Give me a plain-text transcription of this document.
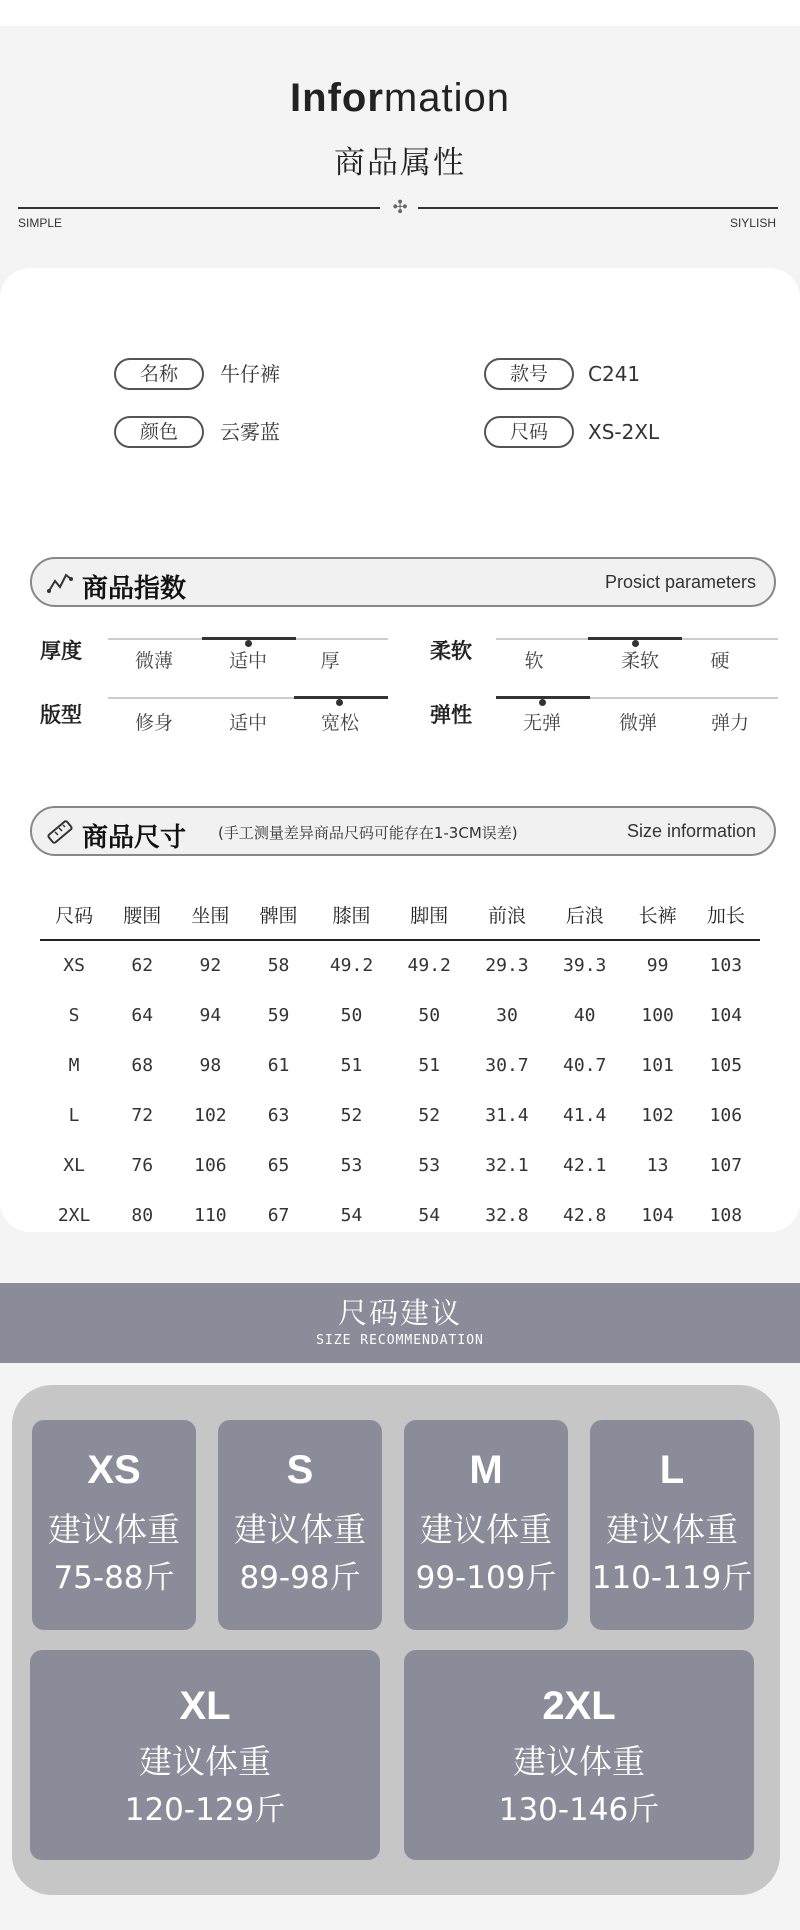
Information
商品属性
✣
SIMPLE	SIYLISH
名称	牛仔裤	款号	C241
颜色	云雾蓝	尺码	XS-2XL
商品指数	Prosict parameters
厚度	微薄	适中	厚	柔软	软	柔软	硬
版型	修身	适中	宽松	弹性	无弹	微弹	弹力
商品尺寸 (手工测量差异商品尺码可能存在1-3CM误差)	Size information
尺码	腰围	坐围	髀围	膝围	脚围	前浪	后浪	长裤	加长
XS	62	92	58	49.2	49.2	29.3	39.3	99	103
S	64	94	59	50	50	30	40	100	104
M	68	98	61	51	51	30.7	40.7	101	105
L	72	102	63	52	52	31.4	41.4	102	106
XL	76	106	65	53	53	32.1	42.1	13	107
2XL	80	110	67	54	54	32.8	42.8	104	108
尺码建议
SIZE RECOMMENDATION
XS
建议体重
75-88斤
S
建议体重
89-98斤
M
建议体重
99-109斤
L
建议体重
110-119斤
XL
建议体重
120-129斤
2XL
建议体重
130-146斤
